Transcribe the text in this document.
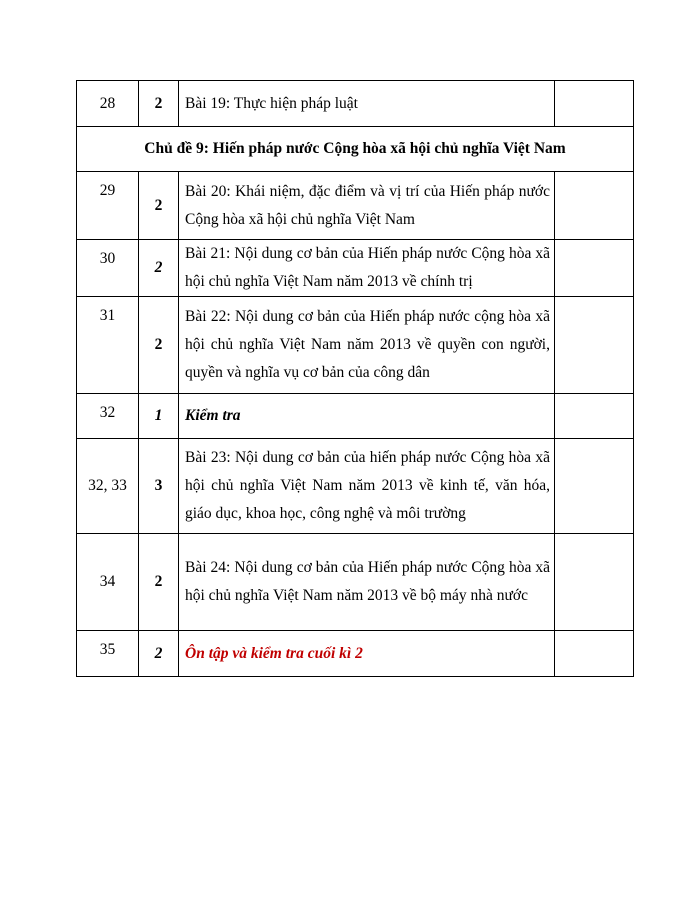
28	2	Bài 19: Thực hiện pháp luật	
Chủ đề 9: Hiến pháp nước Cộng hòa xã hội chủ nghĩa Việt Nam			
29	2	Bài 20: Khái niệm, đặc điểm và vị trí của Hiến pháp nước Cộng hòa xã hội chủ nghĩa Việt Nam	
30	2	Bài 21: Nội dung cơ bản của Hiến pháp nước Cộng hòa xã hội chủ nghĩa Việt Nam năm 2013 về chính trị	
31	2	Bài 22: Nội dung cơ bản của Hiến pháp nước cộng hòa xã hội chủ nghĩa Việt Nam năm 2013 về quyền con người, quyền và nghĩa vụ cơ bản của công dân	
32	1	Kiểm tra	
32, 33	3	Bài 23: Nội dung cơ bản của hiến pháp nước Cộng hòa xã hội chủ nghĩa Việt Nam năm 2013 về kinh tế, văn hóa, giáo dục, khoa học, công nghệ và môi trường	
34	2	Bài 24: Nội dung cơ bản của Hiến pháp nước Cộng hòa xã hội chủ nghĩa Việt Nam năm 2013 về bộ máy nhà nước	
35	2	Ôn tập và kiểm tra cuối kì 2	
